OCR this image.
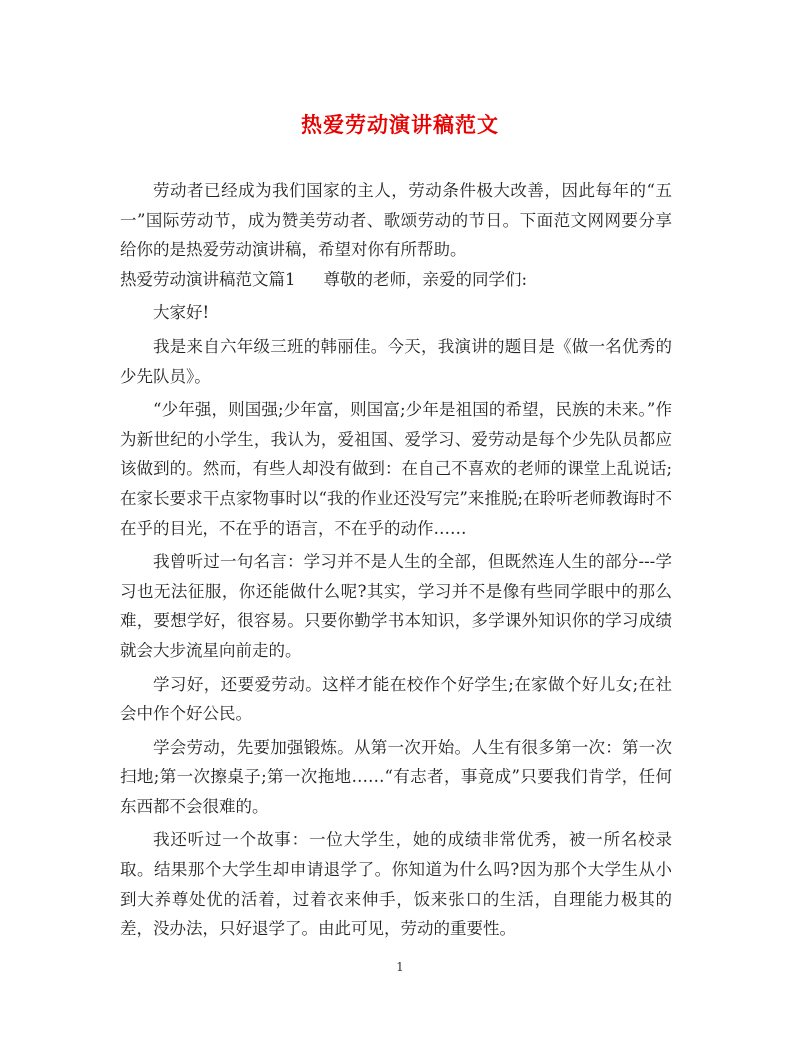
热爱劳动演讲稿范文

劳动者已经成为我们国家的主人，劳动条件极大改善，因此每年的“五一”国际劳动节，成为赞美劳动者、歌颂劳动的节日。下面范文网网要分享给你的是热爱劳动演讲稿，希望对你有所帮助。

热爱劳动演讲稿范文篇1 尊敬的老师，亲爱的同学们:

大家好!

我是来自六年级三班的韩丽佳。今天，我演讲的题目是《做一名优秀的少先队员》。

“少年强，则国强;少年富，则国富;少年是祖国的希望，民族的未来。”作为新世纪的小学生，我认为，爱祖国、爱学习、爱劳动是每个少先队员都应该做到的。然而，有些人却没有做到：在自己不喜欢的老师的课堂上乱说话;在家长要求干点家物事时以“我的作业还没写完”来推脱;在聆听老师教诲时不在乎的目光，不在乎的语言，不在乎的动作……

我曾听过一句名言：学习并不是人生的全部，但既然连人生的部分---学习也无法征服，你还能做什么呢?其实，学习并不是像有些同学眼中的那么难，要想学好，很容易。只要你勤学书本知识，多学课外知识你的学习成绩就会大步流星向前走的。

学习好，还要爱劳动。这样才能在校作个好学生;在家做个好儿女;在社会中作个好公民。

学会劳动，先要加强锻炼。从第一次开始。人生有很多第一次：第一次扫地;第一次擦桌子;第一次拖地……“有志者，事竟成”只要我们肯学，任何东西都不会很难的。

我还听过一个故事：一位大学生，她的成绩非常优秀，被一所名校录取。结果那个大学生却申请退学了。你知道为什么吗?因为那个大学生从小到大养尊处优的活着，过着衣来伸手，饭来张口的生活，自理能力极其的差，没办法，只好退学了。由此可见，劳动的重要性。

1
